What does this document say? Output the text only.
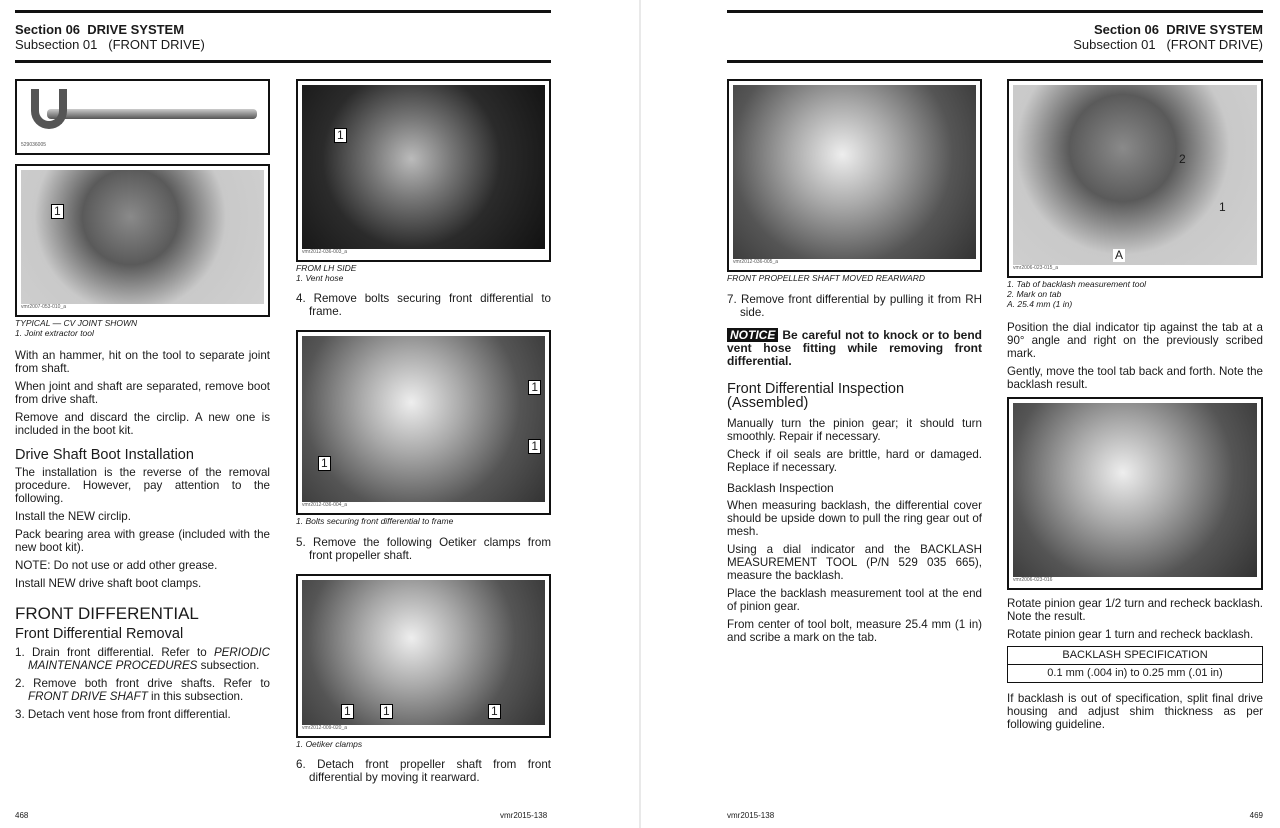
Section 06 DRIVE SYSTEM
Subsection 01 (FRONT DRIVE)
529036005
1
vmr2007-053-010_a
TYPICAL — CV JOINT SHOWN
1. Joint extractor tool

With an hammer, hit on the tool to separate joint from shaft.

When joint and shaft are separated, remove boot from drive shaft.

Remove and discard the circlip. A new one is included in the boot kit.

Drive Shaft Boot Installation

The installation is the reverse of the removal procedure. However, pay attention to the following.

Install the NEW circlip.

Pack bearing area with grease (included with the new boot kit).

NOTE: Do not use or add other grease.

Install NEW drive shaft boot clamps.

FRONT DIFFERENTIAL
Front Differential Removal

1. Drain front differential. Refer to PERIODIC MAINTENANCE PROCEDURES subsection.

2. Remove both front drive shafts. Refer to FRONT DRIVE SHAFT in this subsection.

3. Detach vent hose from front differential.

1
vmr2012-036-003_a
FROM LH SIDE
1. Vent hose

4. Remove bolts securing front differential to frame.

1
1
1
vmr2012-036-004_a
1. Bolts securing front differential to frame

5. Remove the following Oetiker clamps from front propeller shaft.

1	1	1
vmr2012-009-020_a
1. Oetiker clamps

6. Detach front propeller shaft from front differential by moving it rearward.

468	vmr2015-138
Section 06 DRIVE SYSTEM
Subsection 01 (FRONT DRIVE)
vmr2012-036-005_a
FRONT PROPELLER SHAFT MOVED REARWARD

7. Remove front differential by pulling it from RH side.

NOTICE Be careful not to knock or to bend vent hose fitting while removing front differential.

Front Differential Inspection (Assembled)

Manually turn the pinion gear; it should turn smoothly. Repair if necessary.

Check if oil seals are brittle, hard or damaged. Replace if necessary.

Backlash Inspection

When measuring backlash, the differential cover should be upside down to pull the ring gear out of mesh.

Using a dial indicator and the BACKLASH MEASUREMENT TOOL (P/N 529 035 665), measure the backlash.

Place the backlash measurement tool at the end of pinion gear.

From center of tool bolt, measure 25.4 mm (1 in) and scribe a mark on the tab.

2
1
A
vmr2006-023-015_a
1. Tab of backlash measurement tool
2. Mark on tab
A. 25.4 mm (1 in)

Position the dial indicator tip against the tab at a 90° angle and right on the previously scribed mark.

Gently, move the tool tab back and forth. Note the backlash result.

vmr2006-023-016

Rotate pinion gear 1/2 turn and recheck backlash. Note the result.

Rotate pinion gear 1 turn and recheck backlash.

BACKLASH SPECIFICATION
0.1 mm (.004 in) to 0.25 mm (.01 in)

If backlash is out of specification, split final drive housing and adjust shim thickness as per following guideline.

vmr2015-138	469
